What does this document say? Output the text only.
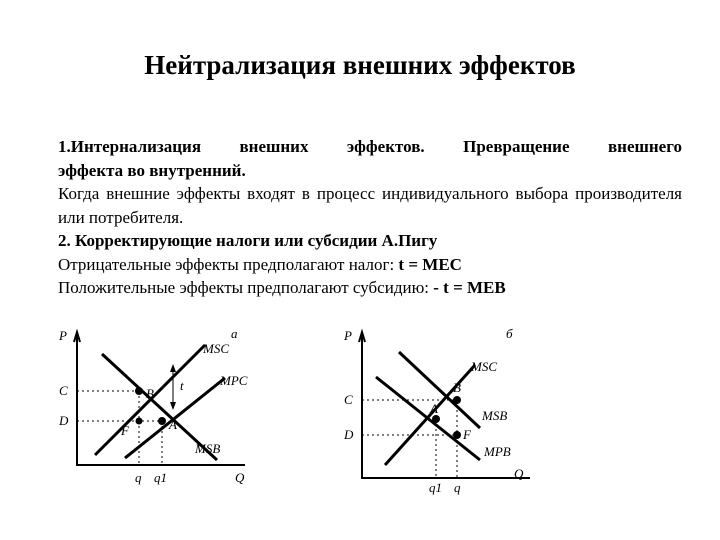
Нейтрализация внешних эффектов

1.Интернализация внешних эффектов. Превращение внешнего

эффекта во внутренний.

Когда внешние эффекты входят в процесс индивидуального выбора производителя или потребителя.

2. Корректирующие налоги или субсидии А.Пигу

Отрицательные эффекты предполагают налог: t = MEC

Положительные эффекты предполагают субсидию: - t = MEB

P
Q
a
MSC
MPC
MSB
t
B
A
F
C
D
q q1
P
Q
б
MSC
MSB
MPB
B
A
F
C
D
q1 q
